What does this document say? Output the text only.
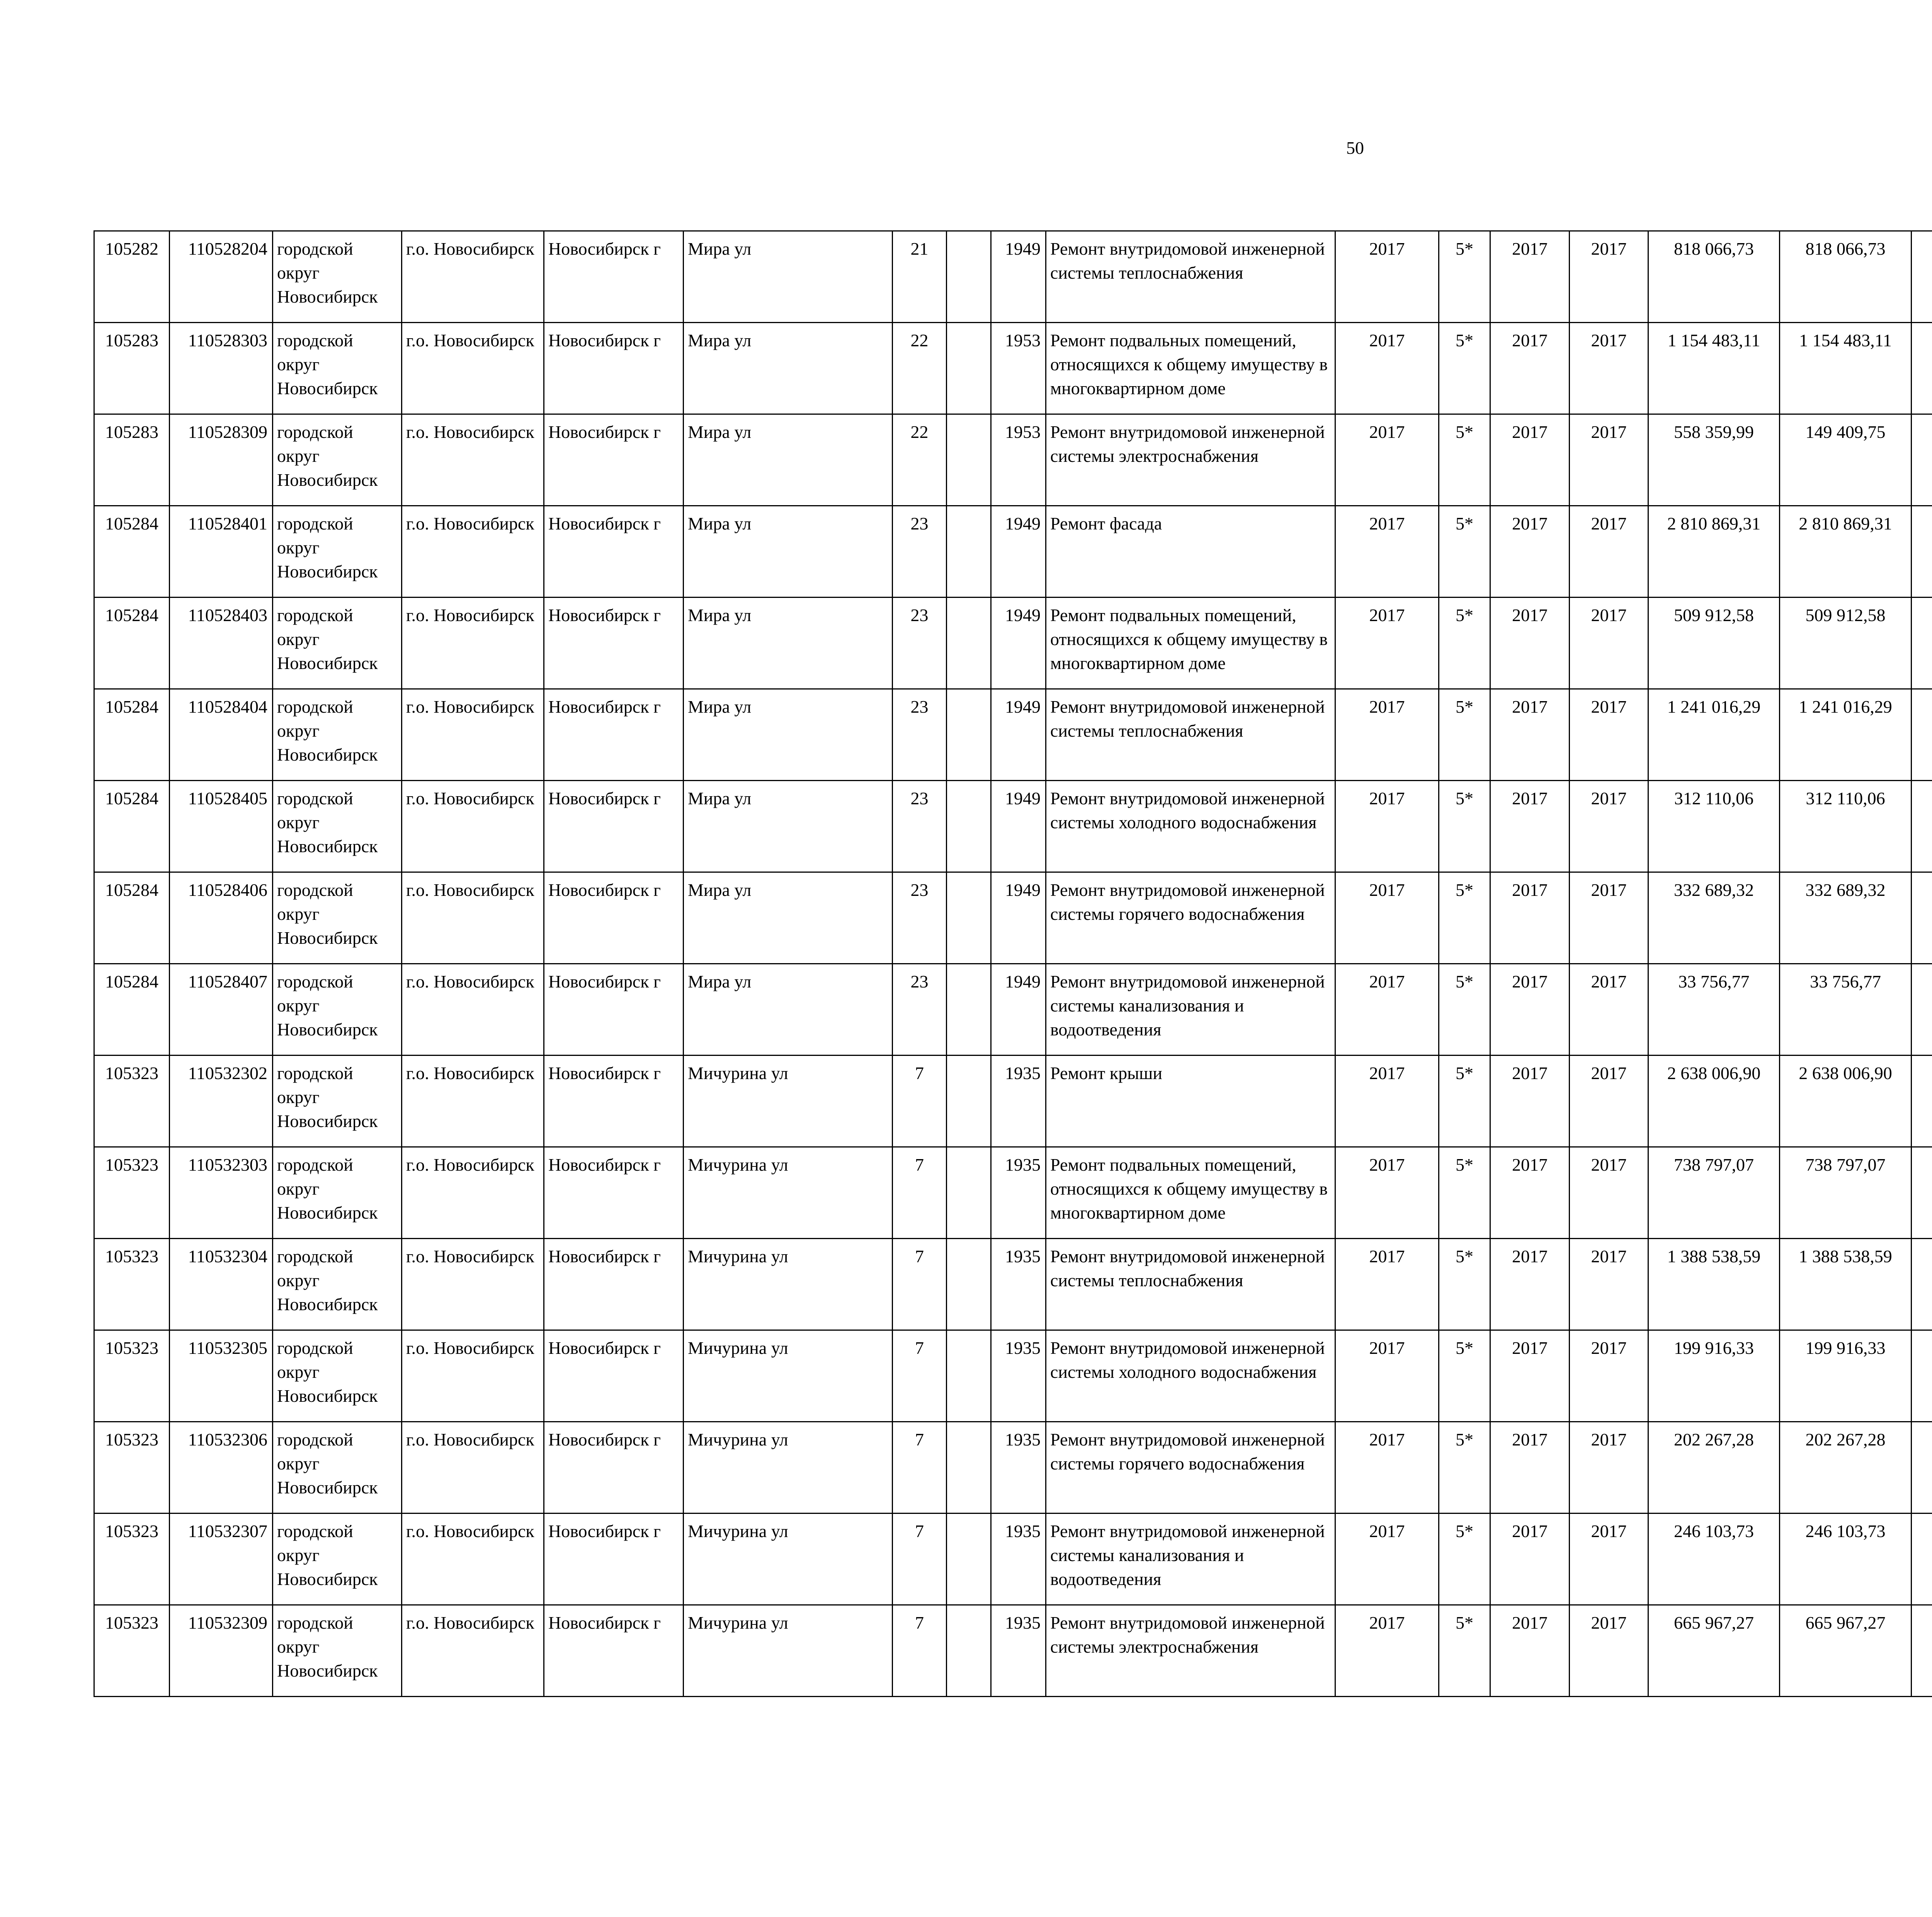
50
105282	110528204	городской округ Новосибирск	г.о. Новосибирск	Новосибирск г	Мира ул	21		1949	Ремонт внутридомовой инженерной системы теплоснабжения	2017	5*	2017	2017	818 066,73	818 066,73						
105283	110528303	городской округ Новосибирск	г.о. Новосибирск	Новосибирск г	Мира ул	22		1953	Ремонт подвальных помещений, относящихся к общему имуществу в многоквартирном доме	2017	5*	2017	2017	1 154 483,11	1 154 483,11						
105283	110528309	городской округ Новосибирск	г.о. Новосибирск	Новосибирск г	Мира ул	22		1953	Ремонт внутридомовой инженерной системы электроснабжения	2017	5*	2017	2017	558 359,99	149 409,75						
105284	110528401	городской округ Новосибирск	г.о. Новосибирск	Новосибирск г	Мира ул	23		1949	Ремонт фасада	2017	5*	2017	2017	2 810 869,31	2 810 869,31						
105284	110528403	городской округ Новосибирск	г.о. Новосибирск	Новосибирск г	Мира ул	23		1949	Ремонт подвальных помещений, относящихся к общему имуществу в многоквартирном доме	2017	5*	2017	2017	509 912,58	509 912,58						
105284	110528404	городской округ Новосибирск	г.о. Новосибирск	Новосибирск г	Мира ул	23		1949	Ремонт внутридомовой инженерной системы теплоснабжения	2017	5*	2017	2017	1 241 016,29	1 241 016,29						
105284	110528405	городской округ Новосибирск	г.о. Новосибирск	Новосибирск г	Мира ул	23		1949	Ремонт внутридомовой инженерной системы холодного водоснабжения	2017	5*	2017	2017	312 110,06	312 110,06						
105284	110528406	городской округ Новосибирск	г.о. Новосибирск	Новосибирск г	Мира ул	23		1949	Ремонт внутридомовой инженерной системы горячего водоснабжения	2017	5*	2017	2017	332 689,32	332 689,32						
105284	110528407	городской округ Новосибирск	г.о. Новосибирск	Новосибирск г	Мира ул	23		1949	Ремонт внутридомовой инженерной системы канализования и водоотведения	2017	5*	2017	2017	33 756,77	33 756,77						
105323	110532302	городской округ Новосибирск	г.о. Новосибирск	Новосибирск г	Мичурина ул	7		1935	Ремонт крыши	2017	5*	2017	2017	2 638 006,90	2 638 006,90						
105323	110532303	городской округ Новосибирск	г.о. Новосибирск	Новосибирск г	Мичурина ул	7		1935	Ремонт подвальных помещений, относящихся к общему имуществу в многоквартирном доме	2017	5*	2017	2017	738 797,07	738 797,07						
105323	110532304	городской округ Новосибирск	г.о. Новосибирск	Новосибирск г	Мичурина ул	7		1935	Ремонт внутридомовой инженерной системы теплоснабжения	2017	5*	2017	2017	1 388 538,59	1 388 538,59						
105323	110532305	городской округ Новосибирск	г.о. Новосибирск	Новосибирск г	Мичурина ул	7		1935	Ремонт внутридомовой инженерной системы холодного водоснабжения	2017	5*	2017	2017	199 916,33	199 916,33						
105323	110532306	городской округ Новосибирск	г.о. Новосибирск	Новосибирск г	Мичурина ул	7		1935	Ремонт внутридомовой инженерной системы горячего водоснабжения	2017	5*	2017	2017	202 267,28	202 267,28						
105323	110532307	городской округ Новосибирск	г.о. Новосибирск	Новосибирск г	Мичурина ул	7		1935	Ремонт внутридомовой инженерной системы канализования и водоотведения	2017	5*	2017	2017	246 103,73	246 103,73						
105323	110532309	городской округ Новосибирск	г.о. Новосибирск	Новосибирск г	Мичурина ул	7		1935	Ремонт внутридомовой инженерной системы электроснабжения	2017	5*	2017	2017	665 967,27	665 967,27						
